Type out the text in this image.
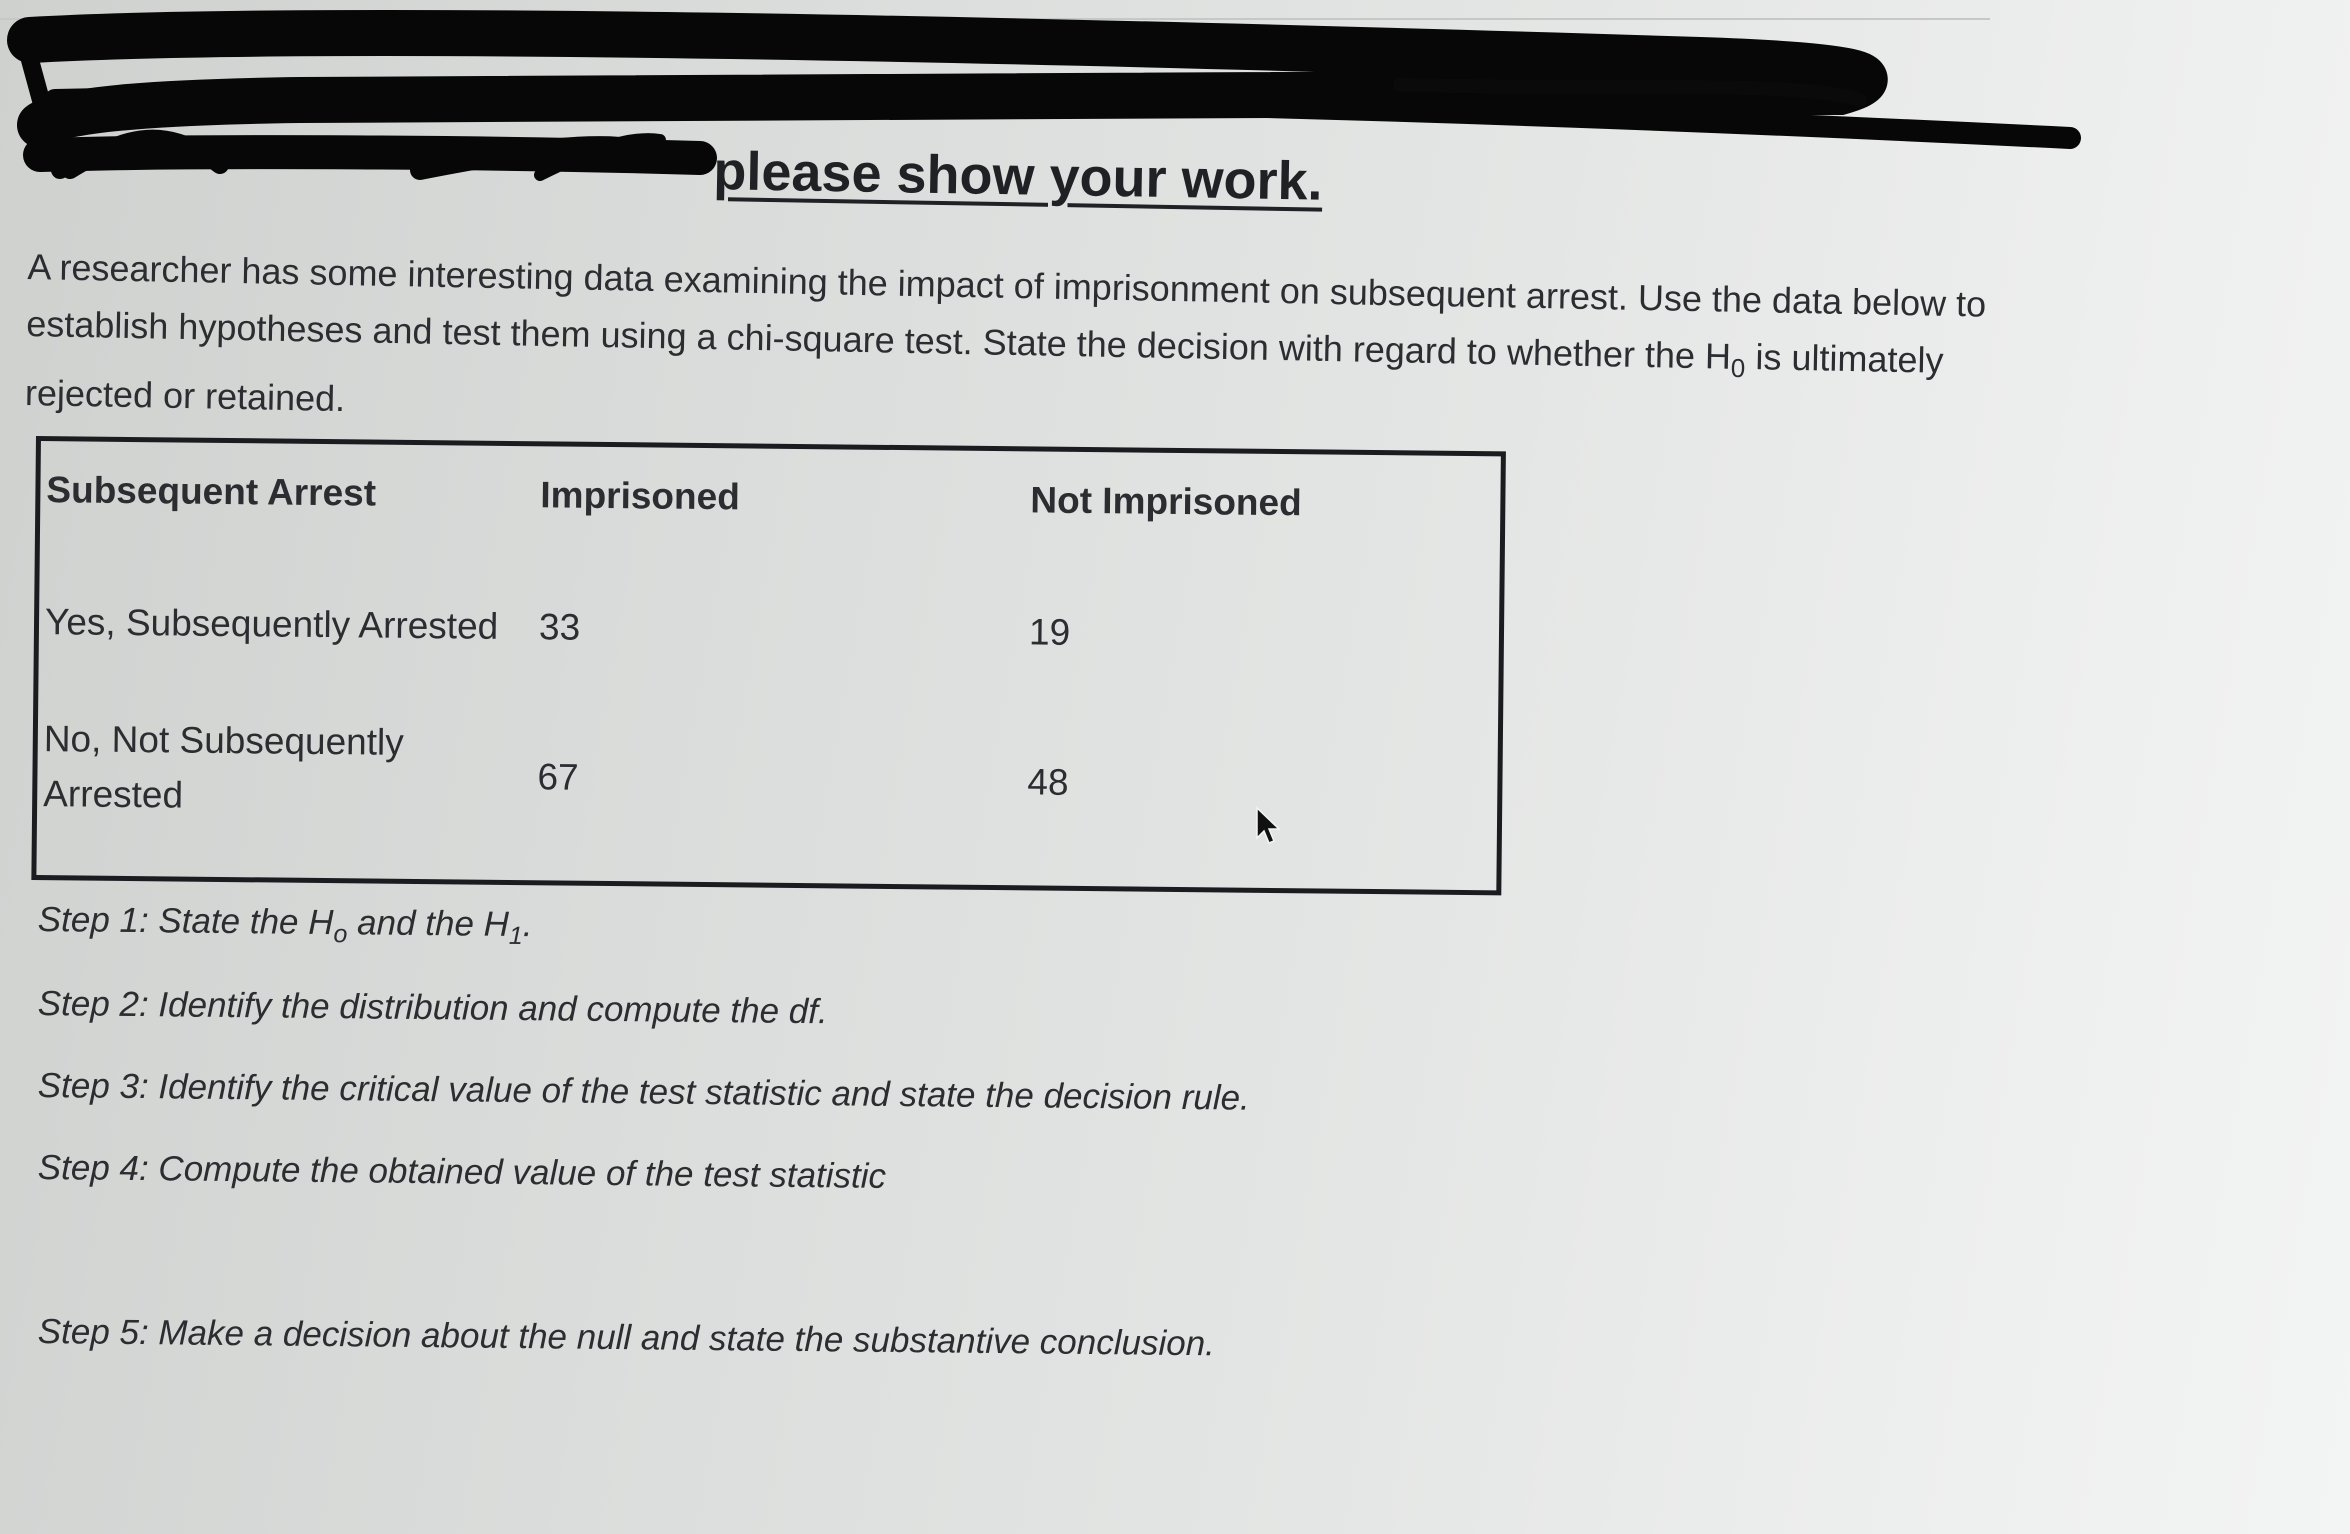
please show your work.
A researcher has some interesting data examining the impact of imprisonment on subsequent arrest. Use the data below to establish hypotheses and test them using a chi-square test. State the decision with regard to whether the $H_0$ is ultimately rejected or retained.
Subsequent Arrest	Imprisoned	Not Imprisoned
Yes, Subsequently Arrested 33	19
No, Not Subsequently Arrested	67	48
Step 1: State the $H_o$ and the $H_1$.
Step 2: Identify the distribution and compute the df.
Step 3: Identify the critical value of the test statistic and state the decision rule.
Step 4: Compute the obtained value of the test statistic
Step 5: Make a decision about the null and state the substantive conclusion.
